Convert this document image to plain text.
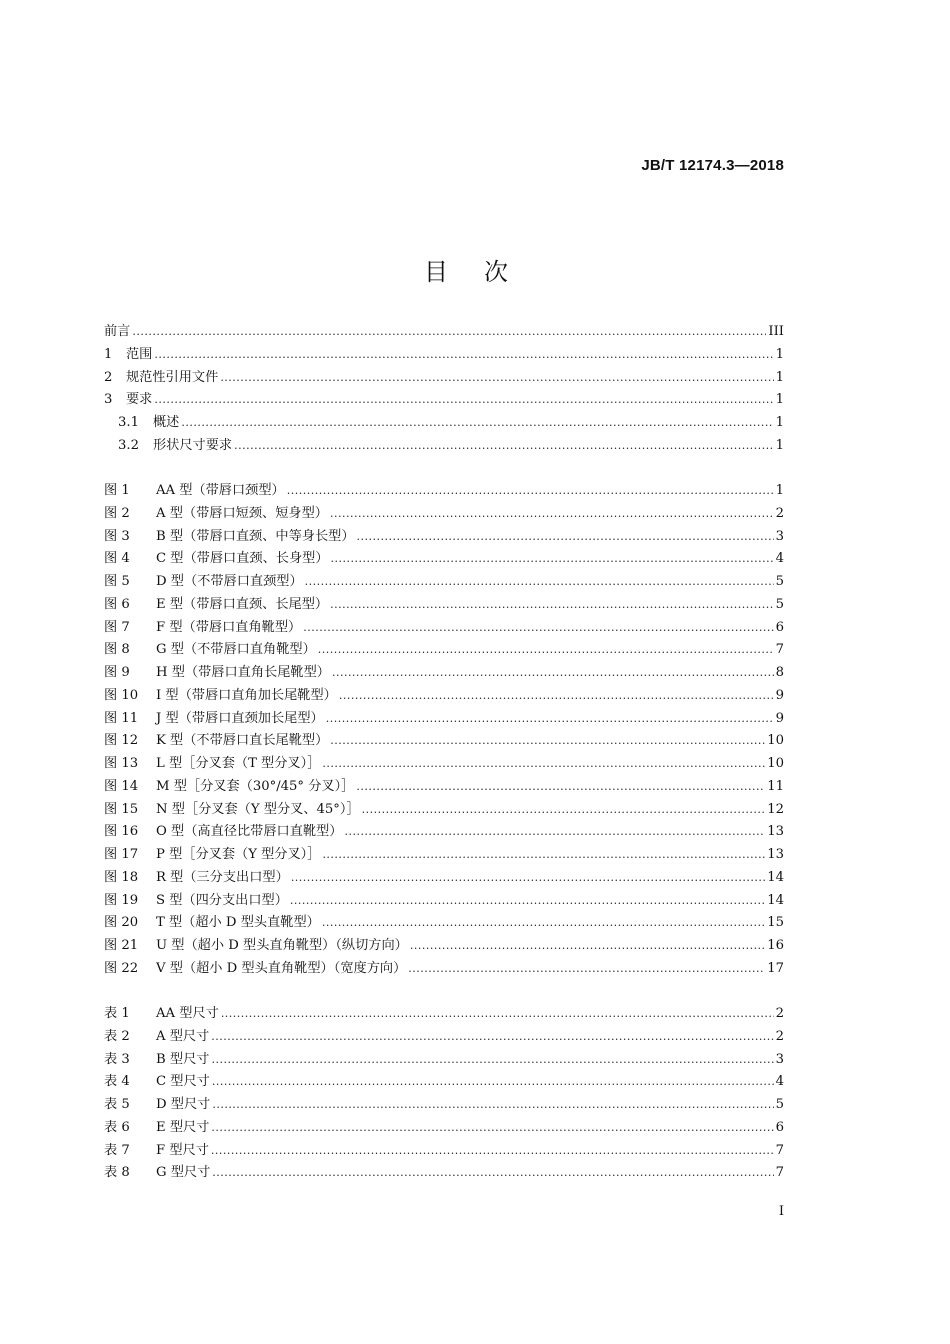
JB/T 12174.3—2018
目次
前言 .....	III
1	范围 .....	1
2	规范性引用文件 .....	1
3	要求 .....	1
3.1	概述 .....	1
3.2	形状尺寸要求 .....	1
图 1	AA 型（带唇口颈型） .....	1
图 2	A 型（带唇口短颈、短身型） .....	2
图 3	B 型（带唇口直颈、中等身长型） .....	3
图 4	C 型（带唇口直颈、长身型） .....	4
图 5	D 型（不带唇口直颈型） .....	5
图 6	E 型（带唇口直颈、长尾型） .....	5
图 7	F 型（带唇口直角靴型） .....	6
图 8	G 型（不带唇口直角靴型） .....	7
图 9	H 型（带唇口直角长尾靴型） .....	8
图 10	I 型（带唇口直角加长尾靴型） .....	9
图 11	J 型（带唇口直颈加长尾型） .....	9
图 12	K 型（不带唇口直长尾靴型） .....	10
图 13	L 型［分叉套（T 型分叉）］ .....	10
图 14	M 型［分叉套（30°/45° 分叉）］ .....	11
图 15	N 型［分叉套（Y 型分叉、45°）］ .....	12
图 16	O 型（高直径比带唇口直靴型） .....	13
图 17	P 型［分叉套（Y 型分叉）］ .....	13
图 18	R 型（三分支出口型） .....	14
图 19	S 型（四分支出口型） .....	14
图 20	T 型（超小 D 型头直靴型） .....	15
图 21	U 型（超小 D 型头直角靴型）（纵切方向） .....	16
图 22	V 型（超小 D 型头直角靴型）（宽度方向） .....	17
表 1	AA 型尺寸 .....	2
表 2	A 型尺寸 .....	2
表 3	B 型尺寸 .....	3
表 4	C 型尺寸 .....	4
表 5	D 型尺寸 .....	5
表 6	E 型尺寸 .....	6
表 7	F 型尺寸 .....	7
表 8	G 型尺寸 .....	7
I
